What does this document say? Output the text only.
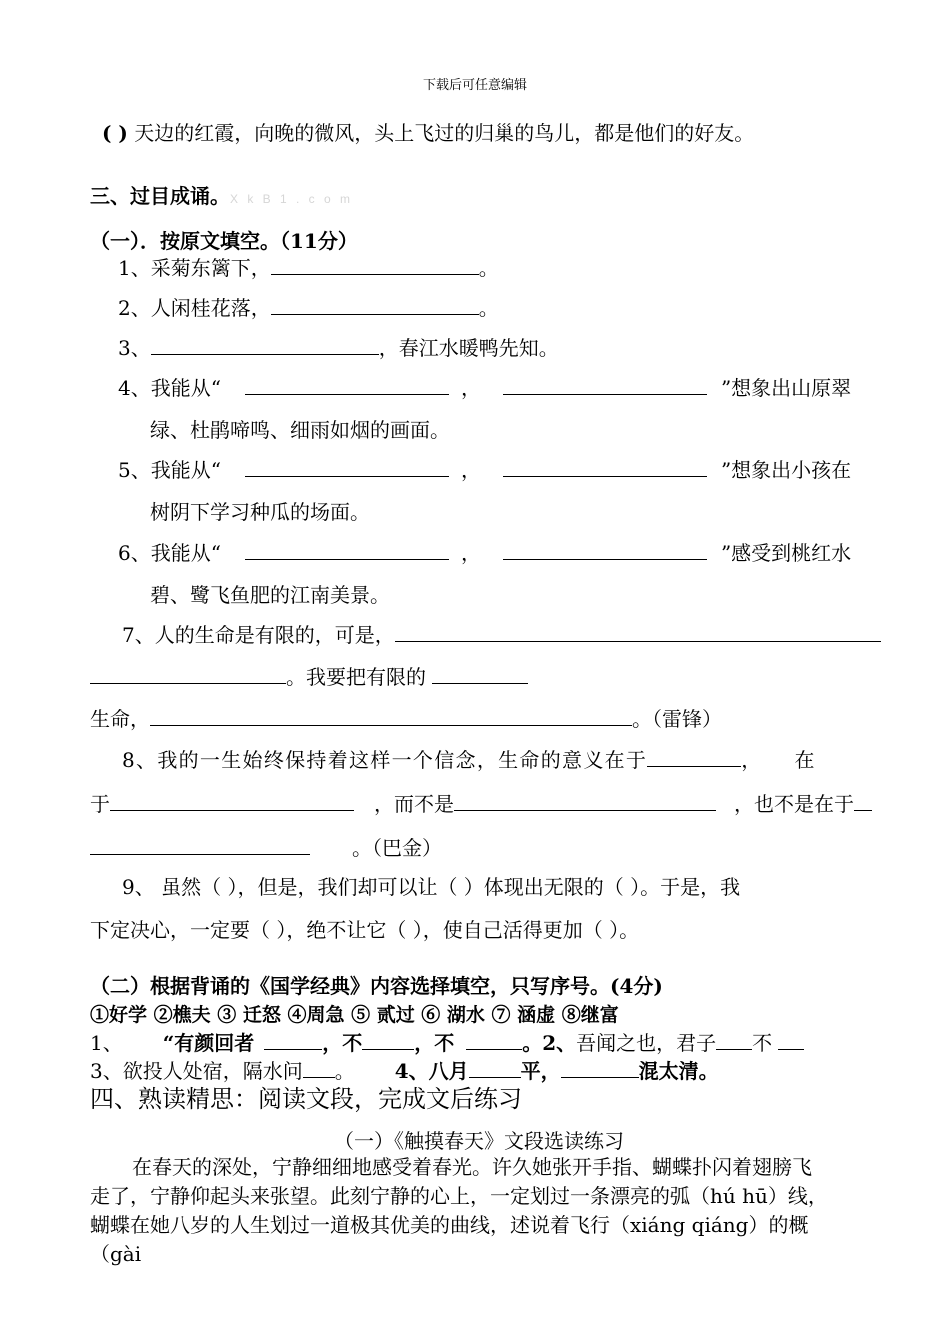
下载后可任意编辑
( ) 天边的红霞，向晚的微风，头上飞过的归巢的鸟儿，都是他们的好友。
三、过目成诵。X k B 1 . c o m
（一）．按原文填空。（11分）
1、采菊东篱下，	。
2、人闲桂花落，	。
3、	，春江水暖鸭先知。
4、我能从“	，	”想象出山原翠
绿、杜鹃啼鸣、细雨如烟的画面。
5、我能从“	，	”想象出小孩在
树阴下学习种瓜的场面。
6、我能从“	，	”感受到桃红水
碧、鹭飞鱼肥的江南美景。
7、人的生命是有限的，可是，
。我要把有限的
生命，	。（雷锋）
8、我的一生始终保持着这样一个信念，生命的意义在于	， 在
于	，而不是	，也不是在于
。（巴金）
9、 虽然（ ），但是，我们却可以让（ ）体现出无限的（ ）。于是，我
下定决心，一定要（ ），绝不让它（ ），使自己活得更加（ ）。
（二）根据背诵的《国学经典》内容选择填空，只写序号。(4分)
①好学 ②樵夫 ③ 迁怒 ④周急 ⑤ 贰过 ⑥ 湖水 ⑦ 涵虚 ⑧继富
1、 “有颜回者	，不	，不	。2、吾闻之也，君子 不
3、欲投人处宿，隔水问 。 4、八月	平，	混太清。
四、熟读精思：阅读文段，完成文后练习
（一）《触摸春天》文段选读练习
在春天的深处，宁静细细地感受着春光。许久她张开手指、蝴蝶扑闪着翅膀飞
走了，宁静仰起头来张望。此刻宁静的心上，一定划过一条漂亮的弧（hú hū）线，
蝴蝶在她八岁的人生划过一道极其优美的曲线，述说着飞行（xiáng qiáng）的概
（gài
